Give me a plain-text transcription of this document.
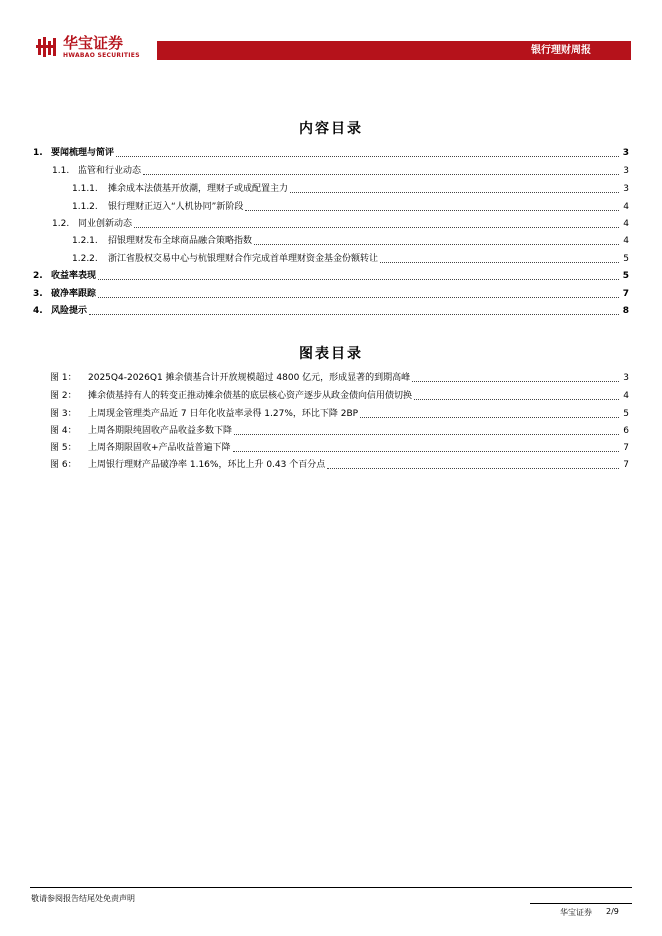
华宝证券
HWABAO SECURITIES	银行理财周报
内容目录
1. 要闻梳理与简评	3
1.1. 监管和行业动态	3
1.1.1.	摊余成本法债基开放潮，理财子或成配置主力	3
1.1.2.	银行理财正迈入“人机协同”新阶段	4
1.2. 同业创新动态	4
1.2.1.	招银理财发布全球商品融合策略指数	4
1.2.2.	浙江省股权交易中心与杭银理财合作完成首单理财资金基金份额转让	5
2. 收益率表现	5
3. 破净率跟踪	7
4. 风险提示	8
图表目录
图 1：	2025Q4-2026Q1 摊余债基合计开放规模超过 4800 亿元，形成显著的到期高峰	3
图 2：	摊余债基持有人的转变正推动摊余债基的底层核心资产逐步从政金债向信用债切换	4
图 3：	上周现金管理类产品近 7 日年化收益率录得 1.27%，环比下降 2BP	5
图 4：	上周各期限纯固收产品收益多数下降	6
图 5：	上周各期限固收+产品收益普遍下降	7
图 6：	上周银行理财产品破净率 1.16%，环比上升 0.43 个百分点	7
敬请参阅报告结尾处免责声明
华宝证券 2/9
